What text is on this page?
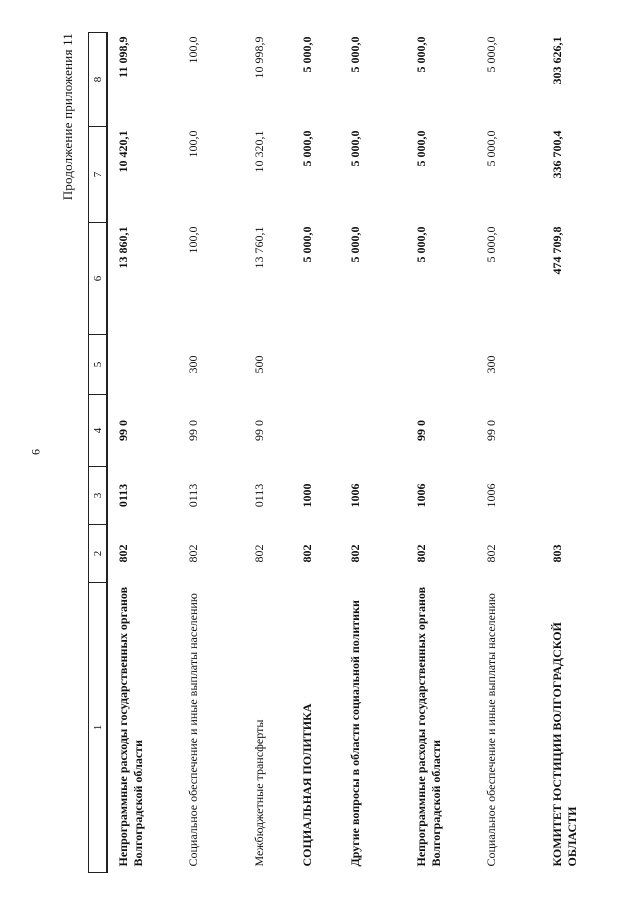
6
Продолжение приложения 11
1	2	3	4	5	6	7	8
Непрограммные расходы государственных органов Волгоградской области	802	0113	99 0		13 860,1	10 420,1	11 098,9
Социальное обеспечение и иные выплаты населению	802	0113	99 0	300	100,0	100,0	100,0
Межбюджетные трансферты	802	0113	99 0	500	13 760,1	10 320,1	10 998,9
СОЦИАЛЬНАЯ ПОЛИТИКА	802	1000			5 000,0	5 000,0	5 000,0
Другие вопросы в области социальной политики	802	1006			5 000,0	5 000,0	5 000,0
Непрограммные расходы государственных органов Волгоградской области	802	1006	99 0		5 000,0	5 000,0	5 000,0
Социальное обеспечение и иные выплаты населению	802	1006	99 0	300	5 000,0	5 000,0	5 000,0
КОМИТЕТ ЮСТИЦИИ ВОЛГОГРАДСКОЙ ОБЛАСТИ	803				474 709,8	336 700,4	303 626,1
